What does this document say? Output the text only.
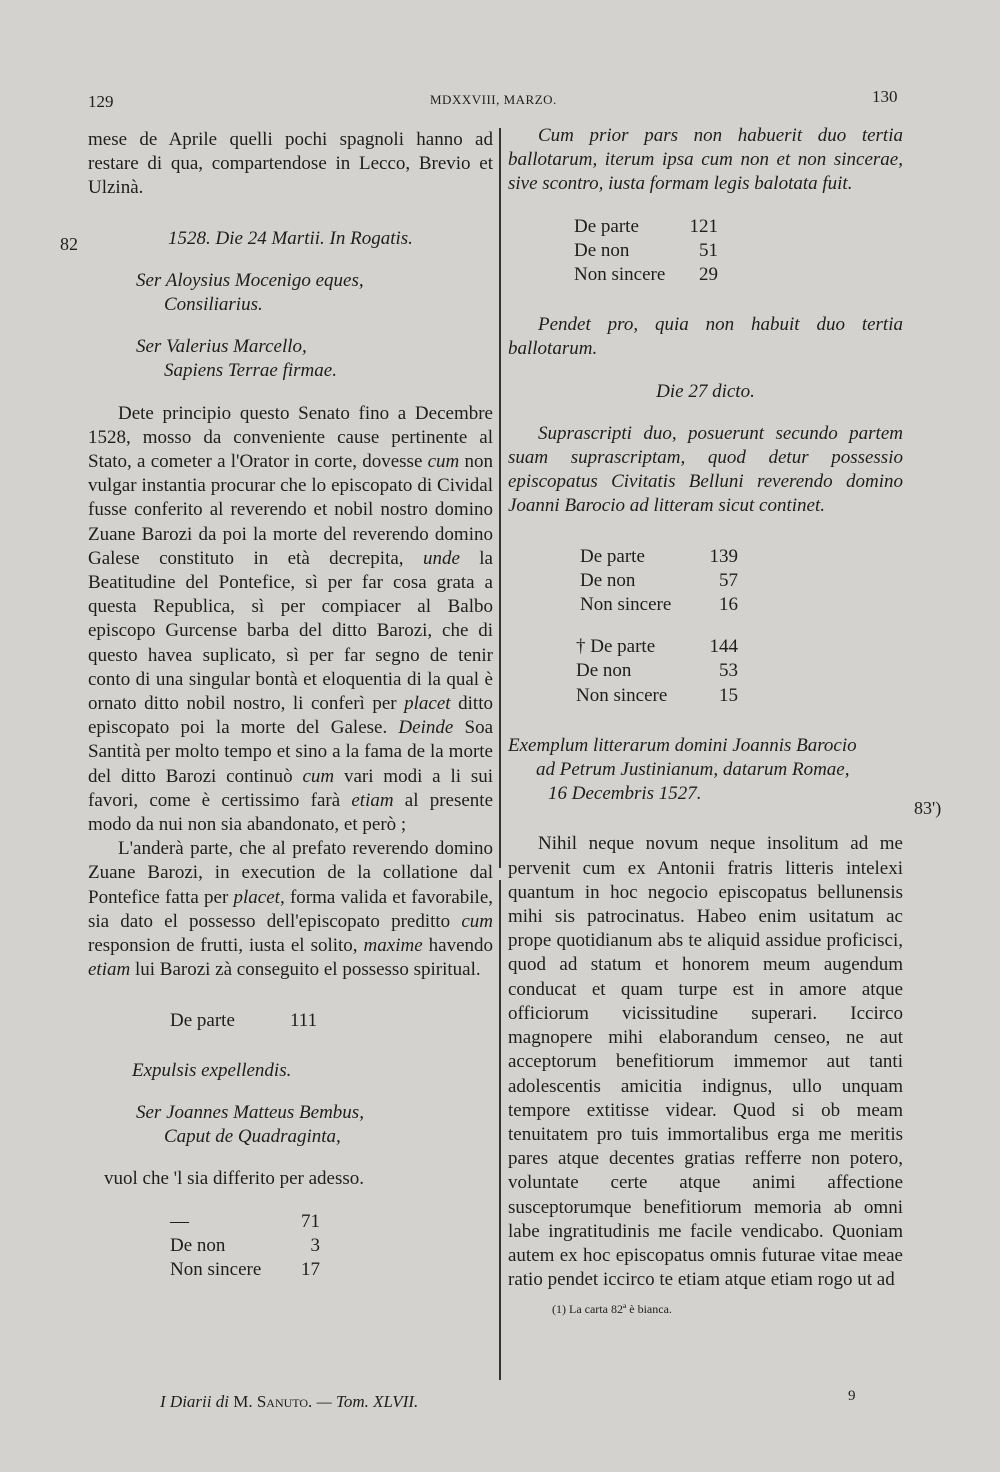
129	MDXXVIII, MARZO.	130
82
83')

mese de Aprile quelli pochi spagnoli hanno ad restare di qua, compartendose in Lecco, Brevio et Ulzinà.

1528. Die 24 Martii. In Rogatis.

Ser Aloysius Mocenigo eques,
Consiliarius.
Ser Valerius Marcello,
Sapiens Terrae firmae.

Dete principio questo Senato fino a Decembre 1528, mosso da conveniente cause pertinente al Stato, a cometer a l'Orator in corte, dovesse cum non vulgar instantia procurar che lo episcopato di Cividal fusse conferito al reverendo et nobil nostro domino Zuane Barozi da poi la morte del reverendo domino Galese constituto in età decrepita, unde la Beatitudine del Pontefice, sì per far cosa grata a questa Republica, sì per compiacer al Balbo episcopo Gurcense barba del ditto Barozi, che di questo havea suplicato, sì per far segno de tenir conto di una singular bontà et eloquentia di la qual è ornato ditto nobil nostro, li conferì per placet ditto episcopato poi la morte del Galese. Deinde Soa Santità per molto tempo et sino a la fama de la morte del ditto Barozi continuò cum vari modi a li sui favori, come è certissimo farà etiam al presente modo da nui non sia abandonato, et però ;

L'anderà parte, che al prefato reverendo domino Zuane Barozi, in execution de la collatione dal Pontefice fatta per placet, forma valida et favorabile, sia dato el possesso dell'episcopato preditto cum responsion de frutti, iusta el solito, maxime havendo etiam lui Barozi zà conseguito el possesso spiritual.

De parte	111

Expulsis expellendis.

Ser Joannes Matteus Bembus,
Caput de Quadraginta,

vuol che 'l sia differito per adesso.

—	71
De non	3
Non sincere	17

Cum prior pars non habuerit duo tertia ballotarum, iterum ipsa cum non et non sincerae, sive scontro, iusta formam legis balotata fuit.

De parte	121
De non	51
Non sincere	29

Pendet pro, quia non habuit duo tertia ballotarum.

Die 27 dicto.

Suprascripti duo, posuerunt secundo partem suam suprascriptam, quod detur possessio episcopatus Civitatis Belluni reverendo domino Joanni Barocio ad litteram sicut continet.

De parte	139
De non	57
Non sincere	16
† De parte	144
De non	53
Non sincere	15
Exemplum litterarum domini Joannis Barocio
ad Petrum Justinianum, datarum Romae,
16 Decembris 1527.

Nihil neque novum neque insolitum ad me pervenit cum ex Antonii fratris litteris intelexi quantum in hoc negocio episcopatus bellunensis mihi sis patrocinatus. Habeo enim usitatum ac prope quotidianum abs te aliquid assidue proficisci, quod ad statum et honorem meum augendum conducat et quam turpe est in amore atque officiorum vicissitudine superari. Iccirco magnopere mihi elaborandum censeo, ne aut acceptorum benefitiorum immemor aut tanti adolescentis amicitia indignus, ullo unquam tempore extitisse videar. Quod si ob meam tenuitatem pro tuis immortalibus erga me meritis pares atque decentes gratias refferre non potero, voluntate certe atque animi affectione susceptorumque benefitiorum memoria ab omni labe ingratitudinis me facile vendicabo. Quoniam autem ex hoc episcopatus omnis futurae vitae meae ratio pendet iccirco te etiam atque etiam rogo ut ad

(1) La carta 82ª è bianca.

I Diarii di M. Sanuto. — Tom. XLVII.	9
